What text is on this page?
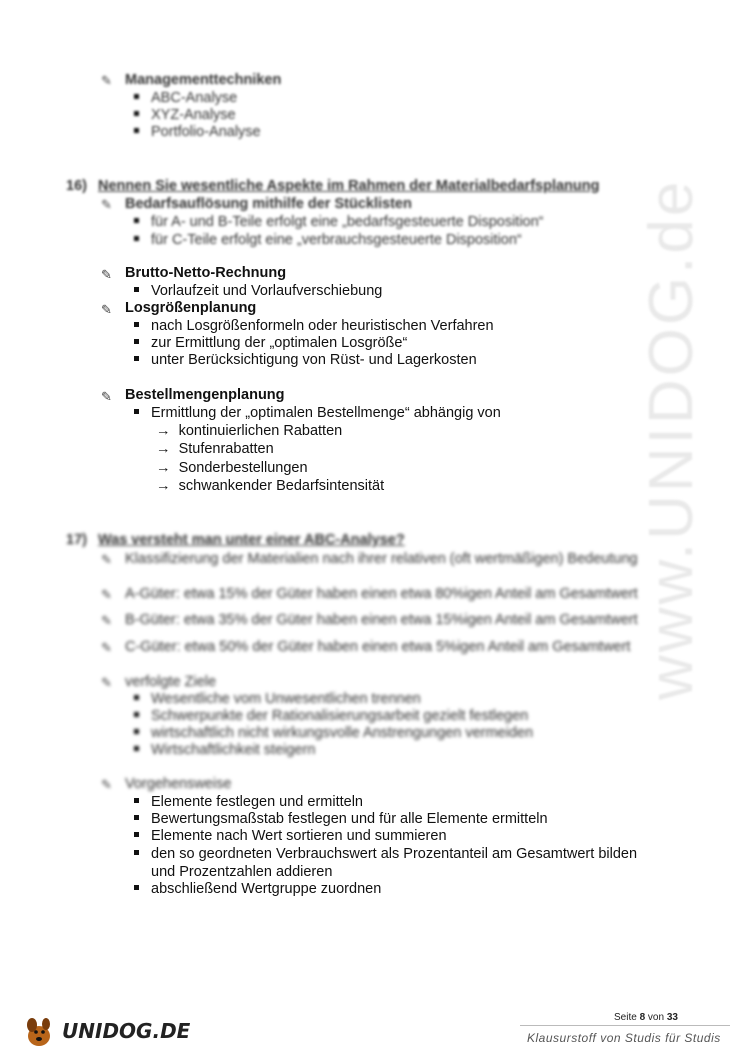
www.UNIDOG.de
✎ Managementtechniken
ABC-Analyse
XYZ-Analyse
Portfolio-Analyse
16) Nennen Sie wesentliche Aspekte im Rahmen der Materialbedarfsplanung
✎ Bedarfsauflösung mithilfe der Stücklisten
für A- und B-Teile erfolgt eine „bedarfsgesteuerte Disposition“
für C-Teile erfolgt eine „verbrauchsgesteuerte Disposition“
✎ Brutto-Netto-Rechnung
Vorlaufzeit und Vorlaufverschiebung
✎ Losgrößenplanung
nach Losgrößenformeln oder heuristischen Verfahren
zur Ermittlung der „optimalen Losgröße“
unter Berücksichtigung von Rüst- und Lagerkosten
✎ Bestellmengenplanung
Ermittlung der „optimalen Bestellmenge“ abhängig von
→ kontinuierlichen Rabatten
→ Stufenrabatten
→ Sonderbestellungen
→ schwankender Bedarfsintensität
17) Was versteht man unter einer ABC-Analyse?
✎ Klassifizierung der Materialien nach ihrer relativen (oft wertmäßigen) Bedeutung
✎ A-Güter: etwa 15% der Güter haben einen etwa 80%igen Anteil am Gesamtwert
✎ B-Güter: etwa 35% der Güter haben einen etwa 15%igen Anteil am Gesamtwert
✎ C-Güter: etwa 50% der Güter haben einen etwa 5%igen Anteil am Gesamtwert
✎ verfolgte Ziele
Wesentliche vom Unwesentlichen trennen
Schwerpunkte der Rationalisierungsarbeit gezielt festlegen
wirtschaftlich nicht wirkungsvolle Anstrengungen vermeiden
Wirtschaftlichkeit steigern
✎ Vorgehensweise
Elemente festlegen und ermitteln
Bewertungsmaßstab festlegen und für alle Elemente ermitteln
Elemente nach Wert sortieren und summieren
den so geordneten Verbrauchswert als Prozentanteil am Gesamtwert bilden
und Prozentzahlen addieren
abschließend Wertgruppe zuordnen
Seite 8 von 33
UNIDOG.DE	Klausurstoff von Studis für Studis
